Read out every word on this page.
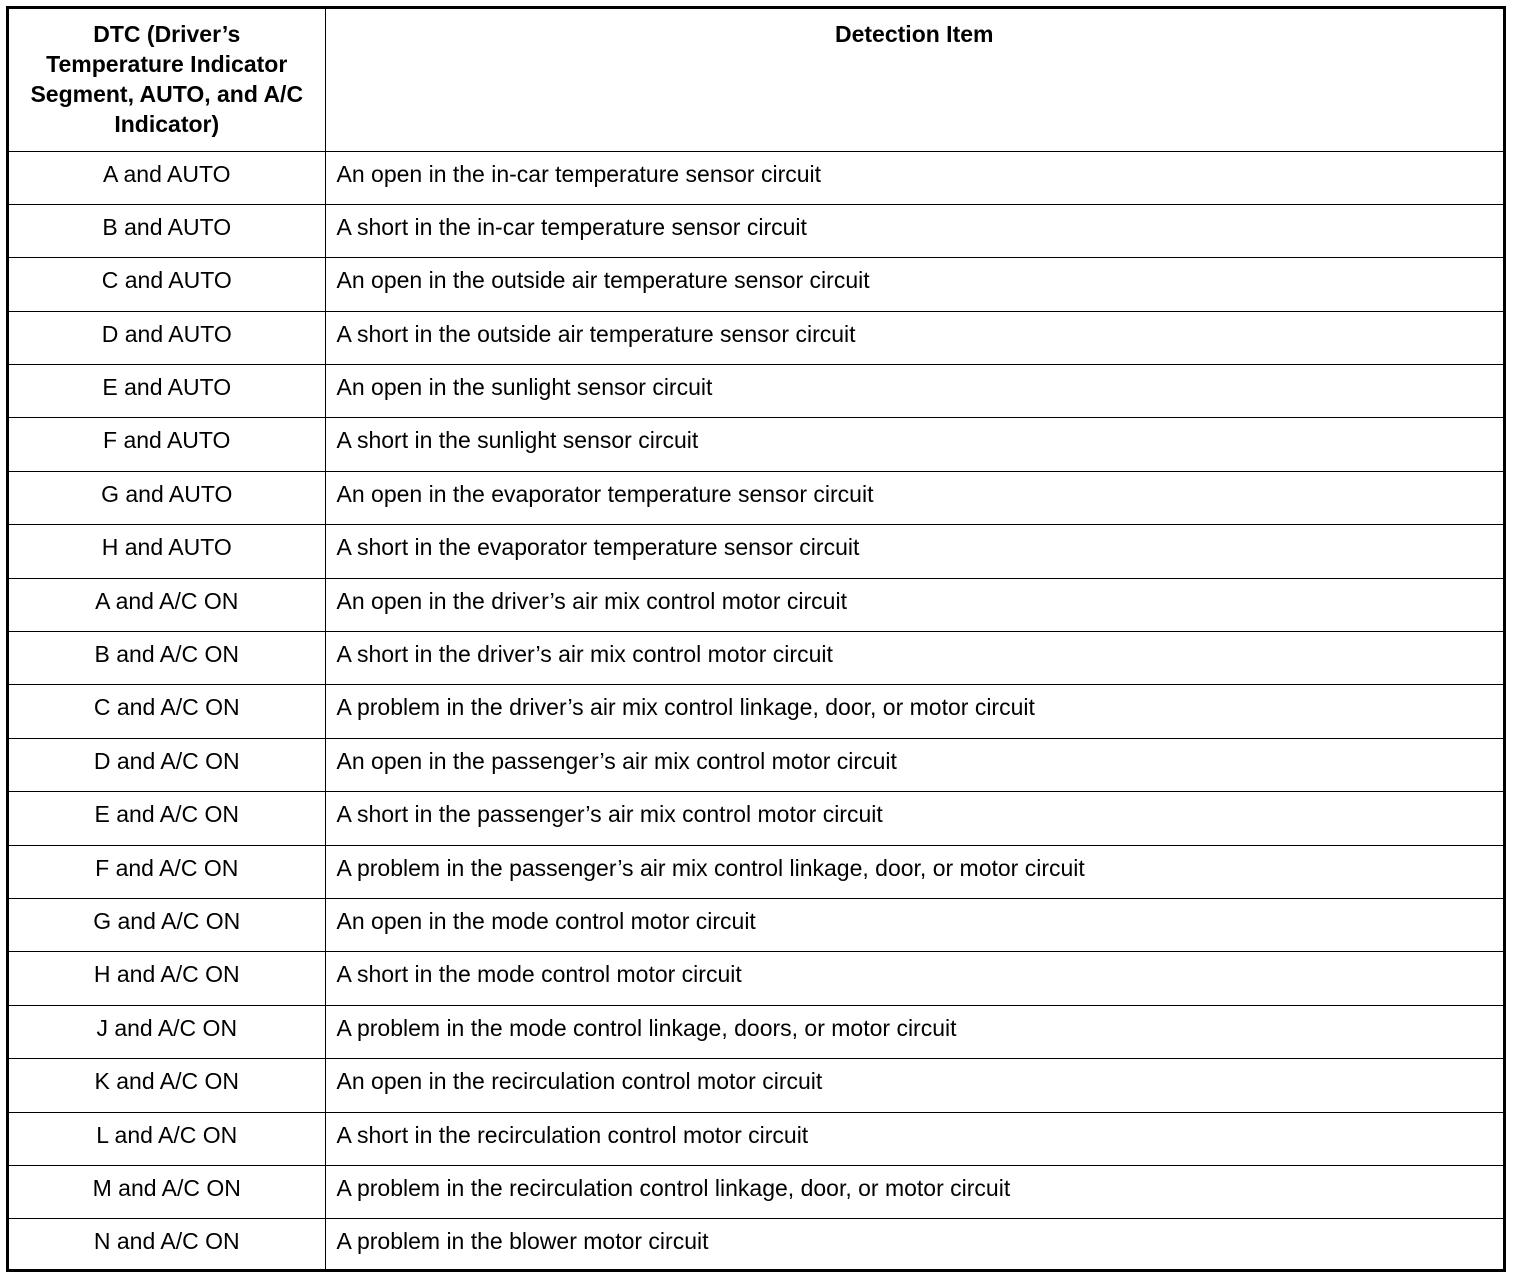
DTC (Driver’s Temperature Indicator Segment, AUTO, and A/C Indicator)	Detection Item
A and AUTO	An open in the in-car temperature sensor circuit
B and AUTO	A short in the in-car temperature sensor circuit
C and AUTO	An open in the outside air temperature sensor circuit
D and AUTO	A short in the outside air temperature sensor circuit
E and AUTO	An open in the sunlight sensor circuit
F and AUTO	A short in the sunlight sensor circuit
G and AUTO	An open in the evaporator temperature sensor circuit
H and AUTO	A short in the evaporator temperature sensor circuit
A and A/C ON	An open in the driver’s air mix control motor circuit
B and A/C ON	A short in the driver’s air mix control motor circuit
C and A/C ON	A problem in the driver’s air mix control linkage, door, or motor circuit
D and A/C ON	An open in the passenger’s air mix control motor circuit
E and A/C ON	A short in the passenger’s air mix control motor circuit
F and A/C ON	A problem in the passenger’s air mix control linkage, door, or motor circuit
G and A/C ON	An open in the mode control motor circuit
H and A/C ON	A short in the mode control motor circuit
J and A/C ON	A problem in the mode control linkage, doors, or motor circuit
K and A/C ON	An open in the recirculation control motor circuit
L and A/C ON	A short in the recirculation control motor circuit
M and A/C ON	A problem in the recirculation control linkage, door, or motor circuit
N and A/C ON	A problem in the blower motor circuit
